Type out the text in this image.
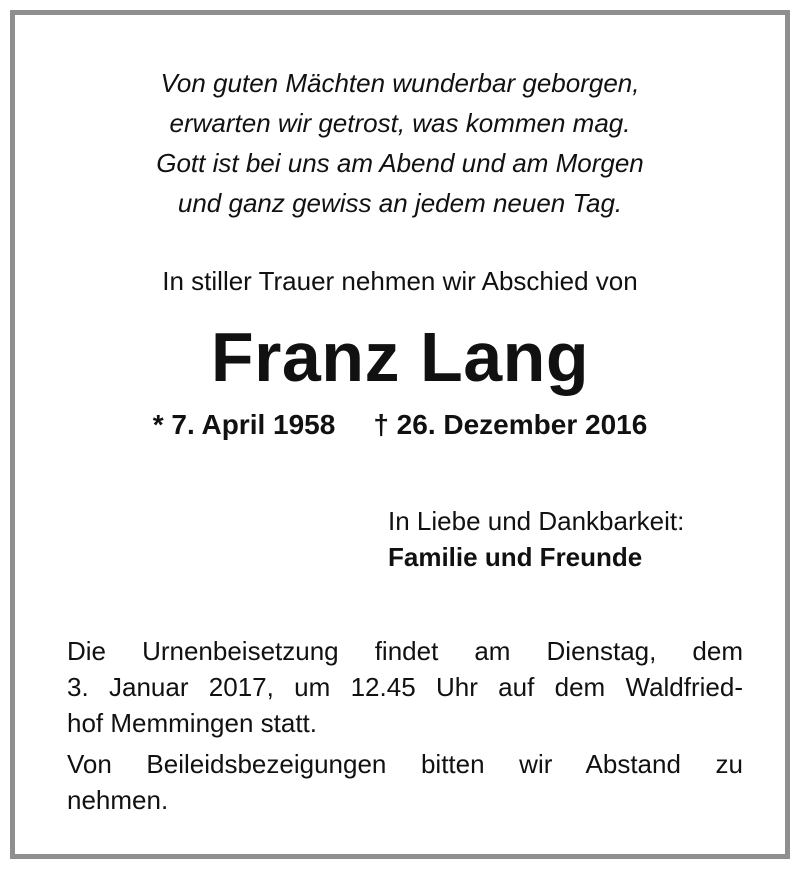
Von guten Mächten wunderbar geborgen,
erwarten wir getrost, was kommen mag.
Gott ist bei uns am Abend und am Morgen
und ganz gewiss an jedem neuen Tag.
In stiller Trauer nehmen wir Abschied von
Franz Lang
* 7. April 1958 † 26. Dezember 2016
In Liebe und Dankbarkeit:
Familie und Freunde
Die Urnenbeisetzung findet am Dienstag, dem
3. Januar 2017, um 12.45 Uhr auf dem Waldfried-
hof Memmingen statt.
Von Beileidsbezeigungen bitten wir Abstand zu
nehmen.
